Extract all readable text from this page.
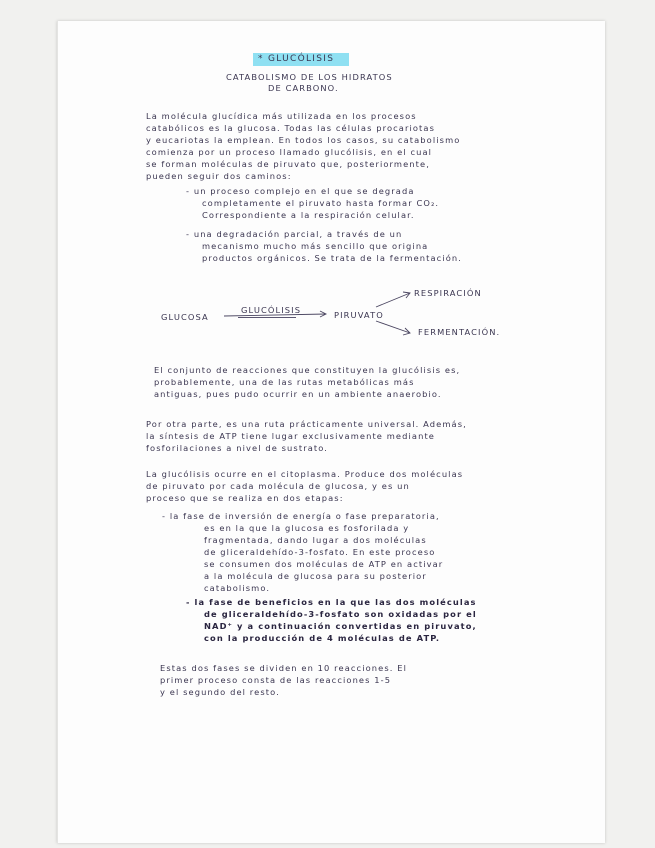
* GLUCÓLISIS
CATABOLISMO DE LOS HIDRATOS
DE CARBONO.
La molécula glucídica más utilizada en los procesos
catabólicos es la glucosa. Todas las células procariotas
y eucariotas la emplean. En todos los casos, su catabolismo
comienza por un proceso llamado glucólisis, en el cual
se forman moléculas de piruvato que, posteriormente,
pueden seguir dos caminos:
- un proceso complejo en el que se degrada
completamente el piruvato hasta formar CO₂.
Correspondiente a la respiración celular.
- una degradación parcial, a través de un
mecanismo mucho más sencillo que origina
productos orgánicos. Se trata de la fermentación.
GLUCOSA
GLUCÓLISIS	PIRUVATO
RESPIRACIÓN
FERMENTACIÓN.
El conjunto de reacciones que constituyen la glucólisis es,
probablemente, una de las rutas metabólicas más
antiguas, pues pudo ocurrir en un ambiente anaerobio.
Por otra parte, es una ruta prácticamente universal. Además,
la síntesis de ATP tiene lugar exclusivamente mediante
fosforilaciones a nivel de sustrato.
La glucólisis ocurre en el citoplasma. Produce dos moléculas
de piruvato por cada molécula de glucosa, y es un
proceso que se realiza en dos etapas:
- la fase de inversión de energía o fase preparatoria,
es en la que la glucosa es fosforilada y
fragmentada, dando lugar a dos moléculas
de gliceraldehído-3-fosfato. En este proceso
se consumen dos moléculas de ATP en activar
a la molécula de glucosa para su posterior
catabolismo.
- la fase de beneficios en la que las dos moléculas
de gliceraldehído-3-fosfato son oxidadas por el
NAD⁺ y a continuación convertidas en piruvato,
con la producción de 4 moléculas de ATP.
Estas dos fases se dividen en 10 reacciones. El
primer proceso consta de las reacciones 1-5
y el segundo del resto.
